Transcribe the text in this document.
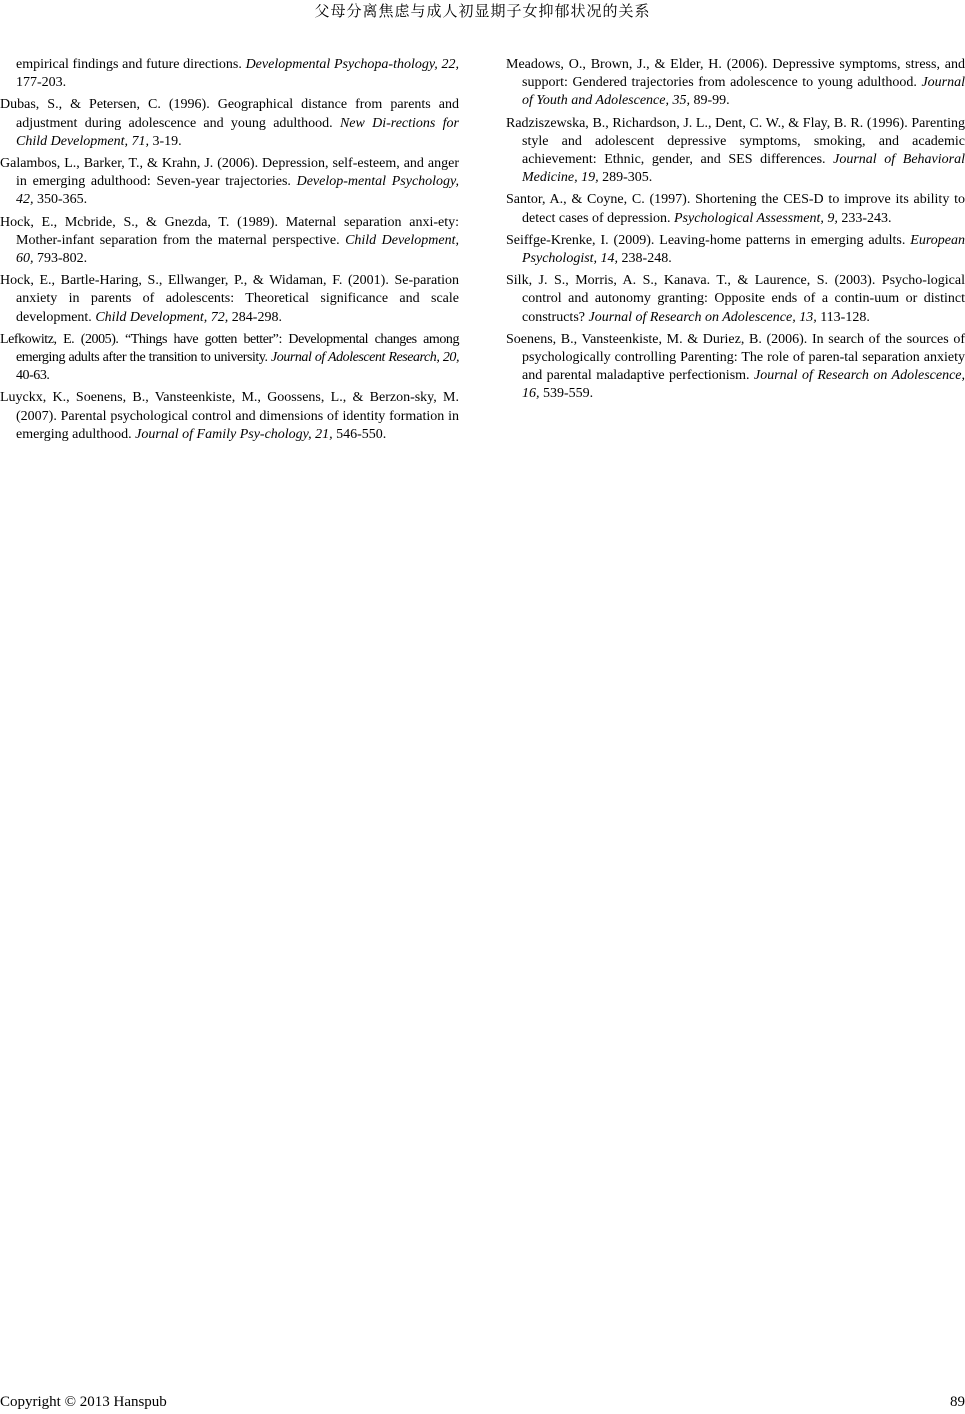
父母分离焦虑与成人初显期子女抑郁状况的关系

empirical findings and future directions. Developmental Psychopa-thology, 22, 177-203.

Dubas, S., & Petersen, C. (1996). Geographical distance from parents and adjustment during adolescence and young adulthood. New Di-rections for Child Development, 71, 3-19.

Galambos, L., Barker, T., & Krahn, J. (2006). Depression, self-esteem, and anger in emerging adulthood: Seven-year trajectories. Develop-mental Psychology, 42, 350-365.

Hock, E., Mcbride, S., & Gnezda, T. (1989). Maternal separation anxi-ety: Mother-infant separation from the maternal perspective. Child Development, 60, 793-802.

Hock, E., Bartle-Haring, S., Ellwanger, P., & Widaman, F. (2001). Se-paration anxiety in parents of adolescents: Theoretical significance and scale development. Child Development, 72, 284-298.

Lefkowitz, E. (2005). “Things have gotten better”: Developmental changes among emerging adults after the transition to university. Journal of Adolescent Research, 20, 40-63.

Luyckx, K., Soenens, B., Vansteenkiste, M., Goossens, L., & Berzon-sky, M. (2007). Parental psychological control and dimensions of identity formation in emerging adulthood. Journal of Family Psy-chology, 21, 546-550.

Meadows, O., Brown, J., & Elder, H. (2006). Depressive symptoms, stress, and support: Gendered trajectories from adolescence to young adulthood. Journal of Youth and Adolescence, 35, 89-99.

Radziszewska, B., Richardson, J. L., Dent, C. W., & Flay, B. R. (1996). Parenting style and adolescent depressive symptoms, smoking, and academic achievement: Ethnic, gender, and SES differences. Journal of Behavioral Medicine, 19, 289-305.

Santor, A., & Coyne, C. (1997). Shortening the CES-D to improve its ability to detect cases of depression. Psychological Assessment, 9, 233-243.

Seiffge-Krenke, I. (2009). Leaving-home patterns in emerging adults. European Psychologist, 14, 238-248.

Silk, J. S., Morris, A. S., Kanava. T., & Laurence, S. (2003). Psycho-logical control and autonomy granting: Opposite ends of a contin-uum or distinct constructs? Journal of Research on Adolescence, 13, 113-128.

Soenens, B., Vansteenkiste, M. & Duriez, B. (2006). In search of the sources of psychologically controlling Parenting: The role of paren-tal separation anxiety and parental maladaptive perfectionism. Journal of Research on Adolescence, 16, 539-559.

Copyright © 2013 Hanspub	89
